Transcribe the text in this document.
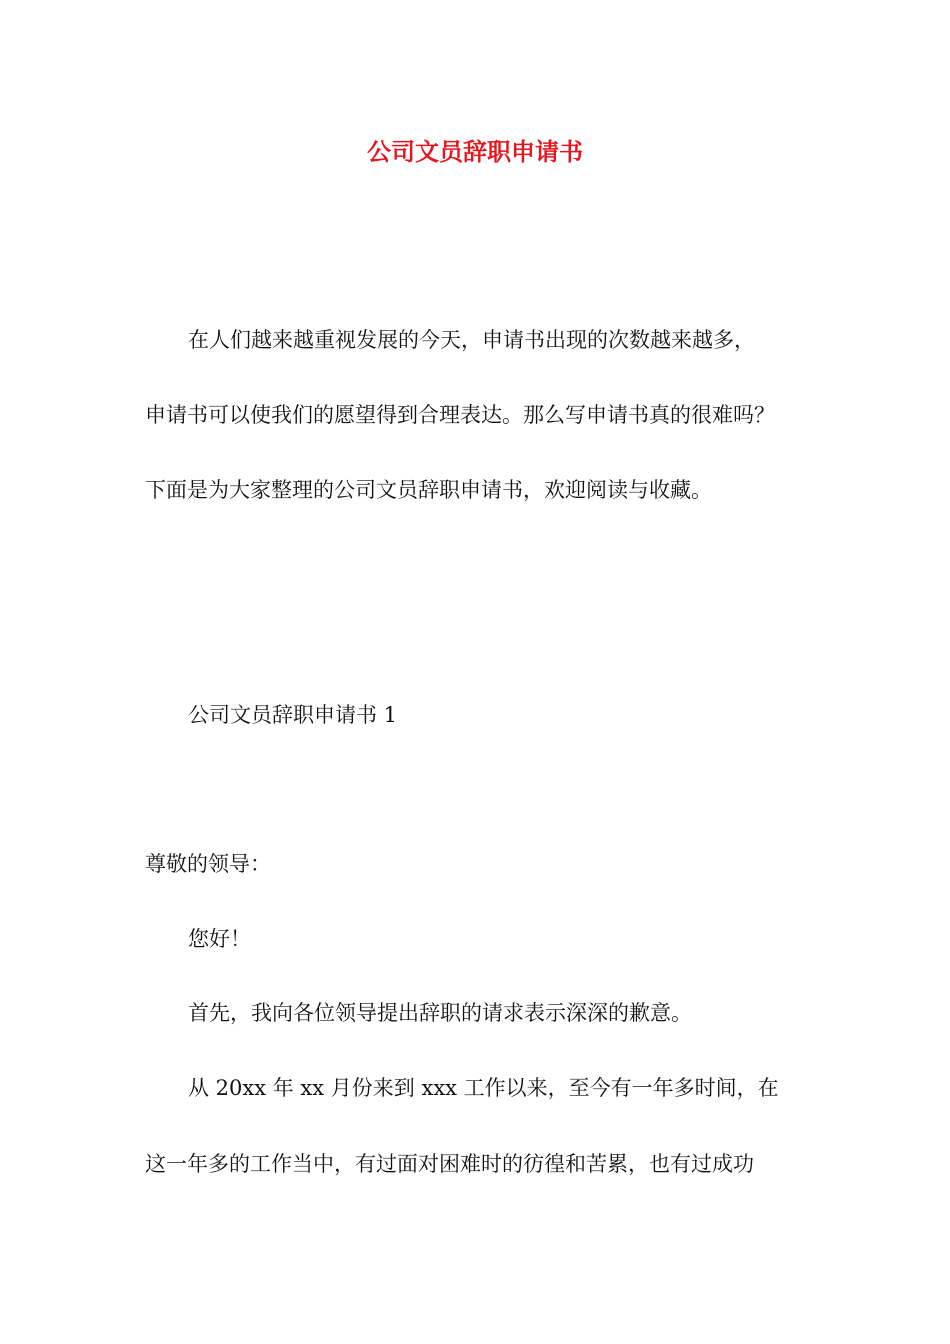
公司文员辞职申请书
在人们越来越重视发展的今天，申请书出现的次数越来越多，
申请书可以使我们的愿望得到合理表达。那么写申请书真的很难吗？
下面是为大家整理的公司文员辞职申请书，欢迎阅读与收藏。
公司文员辞职申请书 1
尊敬的领导：
您好！
首先，我向各位领导提出辞职的请求表示深深的歉意。
从 20xx 年 xx 月份来到 xxx 工作以来，至今有一年多时间，在
这一年多的工作当中，有过面对困难时的彷徨和苦累，也有过成功
